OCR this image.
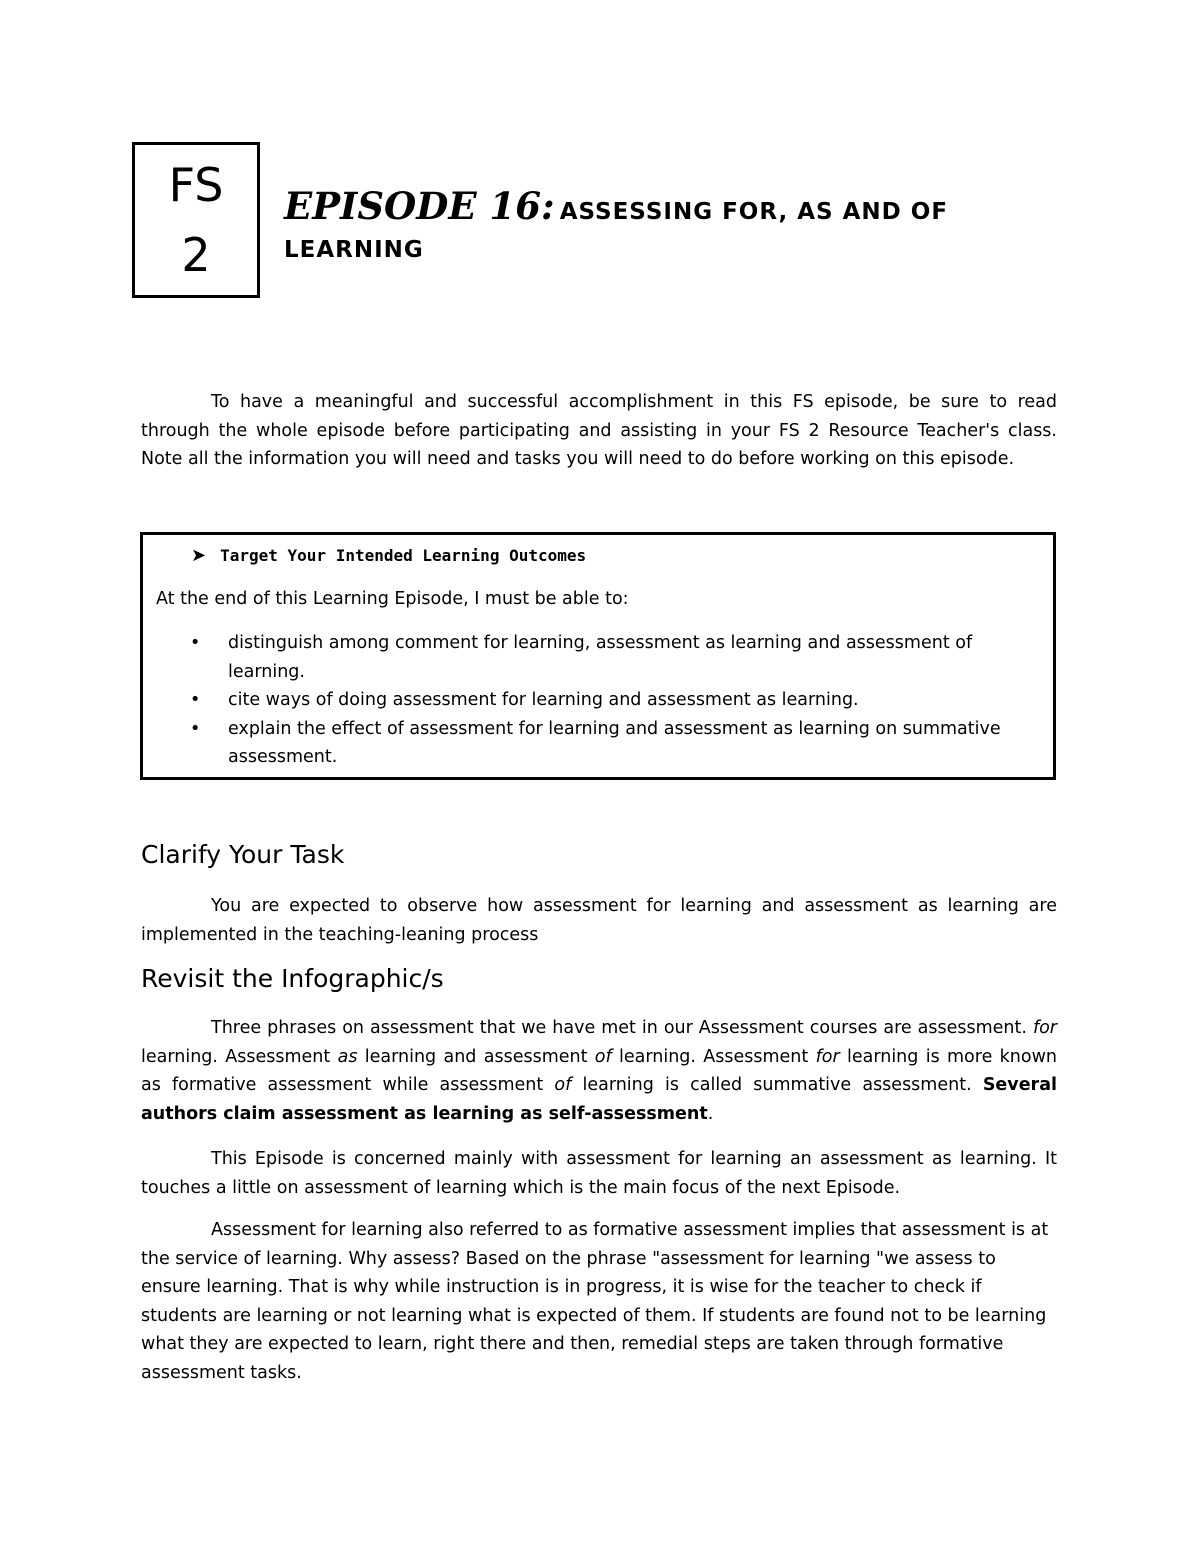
FS
2
EPISODE 16: ASSESSING FOR, AS AND OF
LEARNING

To have a meaningful and successful accomplishment in this FS episode, be sure to read through the whole episode before participating and assisting in your FS 2 Resource Teacher's class. Note all the information you will need and tasks you will need to do before working on this episode.

➤ Target Your Intended Learning Outcomes
At the end of this Learning Episode, I must be able to:
• distinguish among comment for learning, assessment as learning and assessment of learning.
• cite ways of doing assessment for learning and assessment as learning.
• explain the effect of assessment for learning and assessment as learning on summative assessment.
Clarify Your Task

You are expected to observe how assessment for learning and assessment as learning are implemented in the teaching-leaning process

Revisit the Infographic/s

Three phrases on assessment that we have met in our Assessment courses are assessment. for learning. Assessment as learning and assessment of learning. Assessment for learning is more known as formative assessment while assessment of learning is called summative assessment. Several authors claim assessment as learning as self-assessment.

This Episode is concerned mainly with assessment for learning an assessment as learning. It touches a little on assessment of learning which is the main focus of the next Episode.

Assessment for learning also referred to as formative assessment implies that assessment is at the service of learning. Why assess? Based on the phrase "assessment for learning "we assess to ensure learning. That is why while instruction is in progress, it is wise for the teacher to check if students are learning or not learning what is expected of them. If students are found not to be learning what they are expected to learn, right there and then, remedial steps are taken through formative assessment tasks.
